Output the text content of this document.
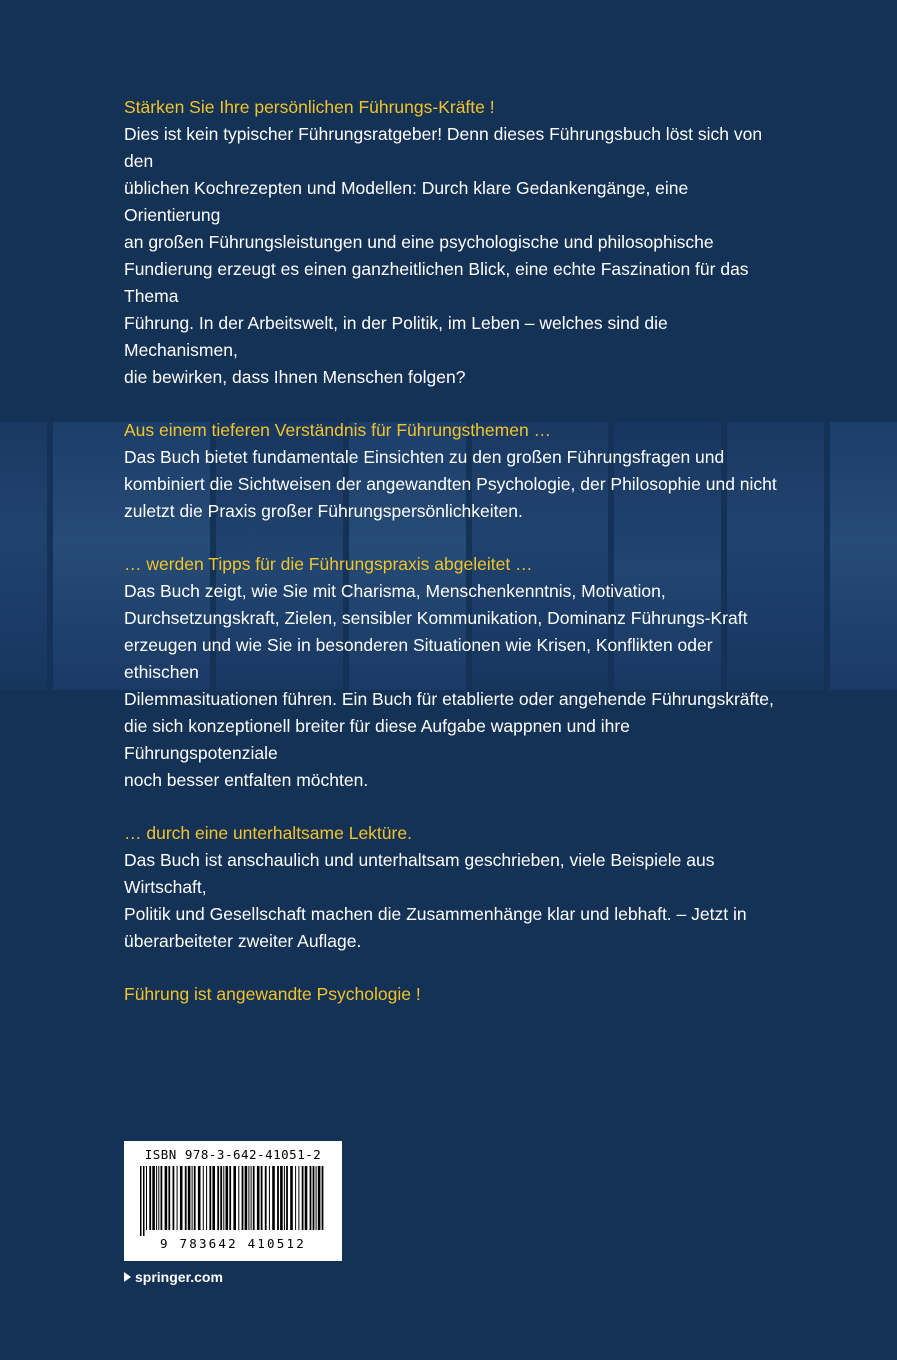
Stärken Sie Ihre persönlichen Führungs-Kräfte !
Dies ist kein typischer Führungsratgeber! Denn dieses Führungsbuch löst sich von den
üblichen Kochrezepten und Modellen: Durch klare Gedankengänge, eine Orientierung
an großen Führungsleistungen und eine psychologische und philosophische
Fundierung erzeugt es einen ganzheitlichen Blick, eine echte Faszination für das Thema
Führung. In der Arbeitswelt, in der Politik, im Leben – welches sind die Mechanismen,
die bewirken, dass Ihnen Menschen folgen?
Aus einem tieferen Verständnis für Führungsthemen …
Das Buch bietet fundamentale Einsichten zu den großen Führungsfragen und
kombiniert die Sichtweisen der angewandten Psychologie, der Philosophie und nicht
zuletzt die Praxis großer Führungspersönlichkeiten.
… werden Tipps für die Führungspraxis abgeleitet …
Das Buch zeigt, wie Sie mit Charisma, Menschenkenntnis, Motivation,
Durchsetzungskraft, Zielen, sensibler Kommunikation, Dominanz Führungs-Kraft
erzeugen und wie Sie in besonderen Situationen wie Krisen, Konflikten oder ethischen
Dilemmasituationen führen. Ein Buch für etablierte oder angehende Führungskräfte,
die sich konzeptionell breiter für diese Aufgabe wappnen und ihre Führungspotenziale
noch besser entfalten möchten.
… durch eine unterhaltsame Lektüre.
Das Buch ist anschaulich und unterhaltsam geschrieben, viele Beispiele aus Wirtschaft,
Politik und Gesellschaft machen die Zusammenhänge klar und lebhaft. – Jetzt in
überarbeiteter zweiter Auflage.
Führung ist angewandte Psychologie !
ISBN 978-3-642-41051-2
9 783642 410512
springer.com
